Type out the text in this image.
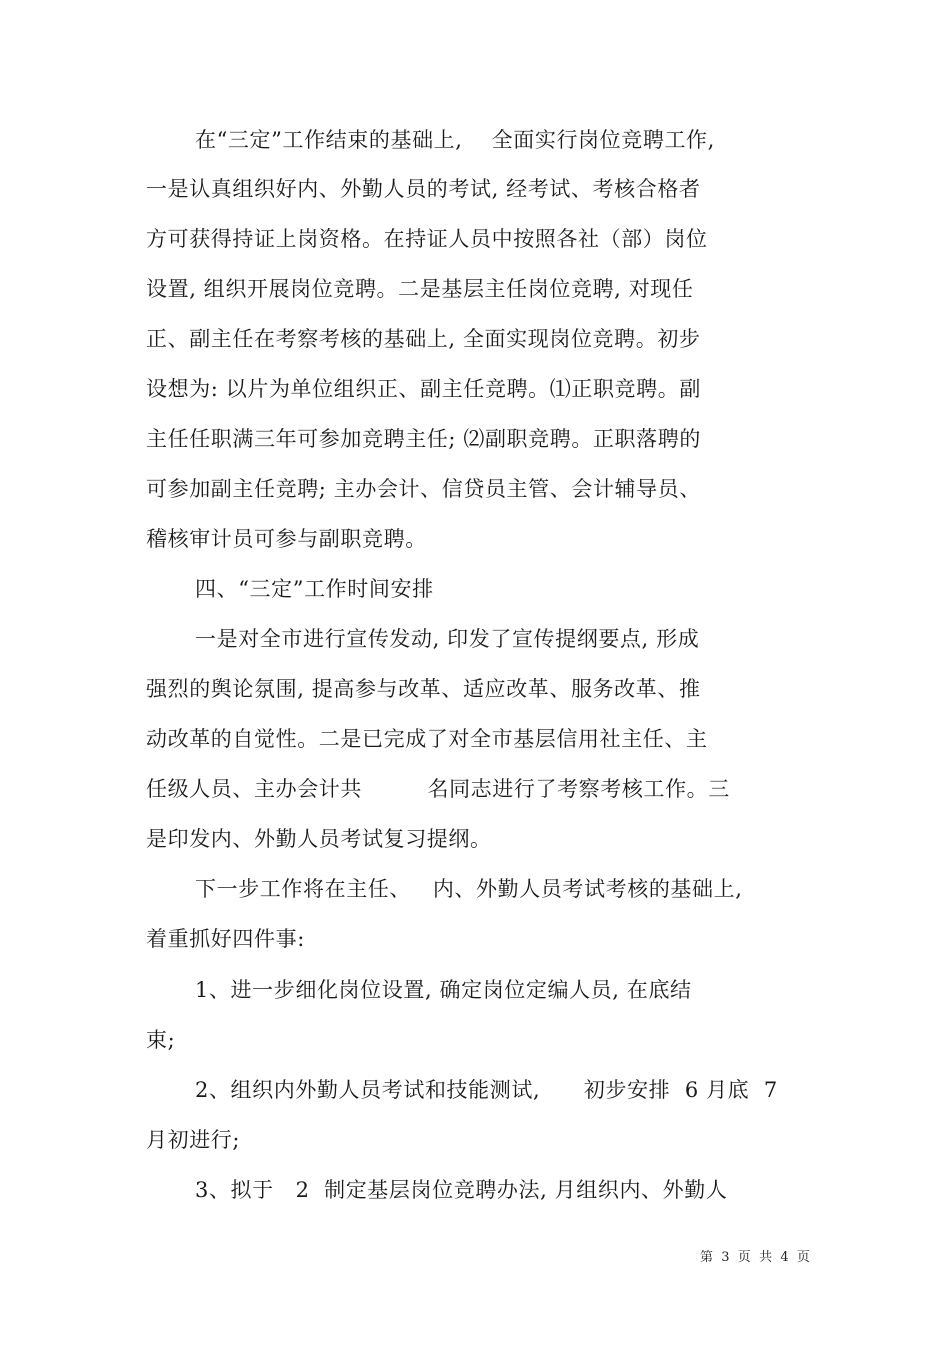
在“三定”工作结束的基础上,    全面实行岗位竞聘工作,
一是认真组织好内、外勤人员的考试, 经考试、考核合格者
方可获得持证上岗资格。在持证人员中按照各社（部）岗位
设置, 组织开展岗位竞聘。二是基层主任岗位竞聘, 对现任
正、副主任在考察考核的基础上, 全面实现岗位竞聘。初步
设想为: 以片为单位组织正、副主任竞聘。⑴正职竞聘。副
主任任职满三年可参加竞聘主任; ⑵副职竞聘。正职落聘的
可参加副主任竞聘; 主办会计、信贷员主管、会计辅导员、
稽核审计员可参与副职竞聘。
四、“三定”工作时间安排
一是对全市进行宣传发动, 印发了宣传提纲要点, 形成
强烈的舆论氛围, 提高参与改革、适应改革、服务改革、推
动改革的自觉性。二是已完成了对全市基层信用社主任、主
任级人员、主办会计共         名同志进行了考察考核工作。三
是印发内、外勤人员考试复习提纲。
下一步工作将在主任、   内、外勤人员考试考核的基础上,
着重抓好四件事:
1、进一步细化岗位设置, 确定岗位定编人员, 在底结
束;
2、组织内外勤人员考试和技能测试,      初步安排  6 月底  7
月初进行;
3、拟于   2  制定基层岗位竞聘办法, 月组织内、外勤人
第  3  页  共  4  页
